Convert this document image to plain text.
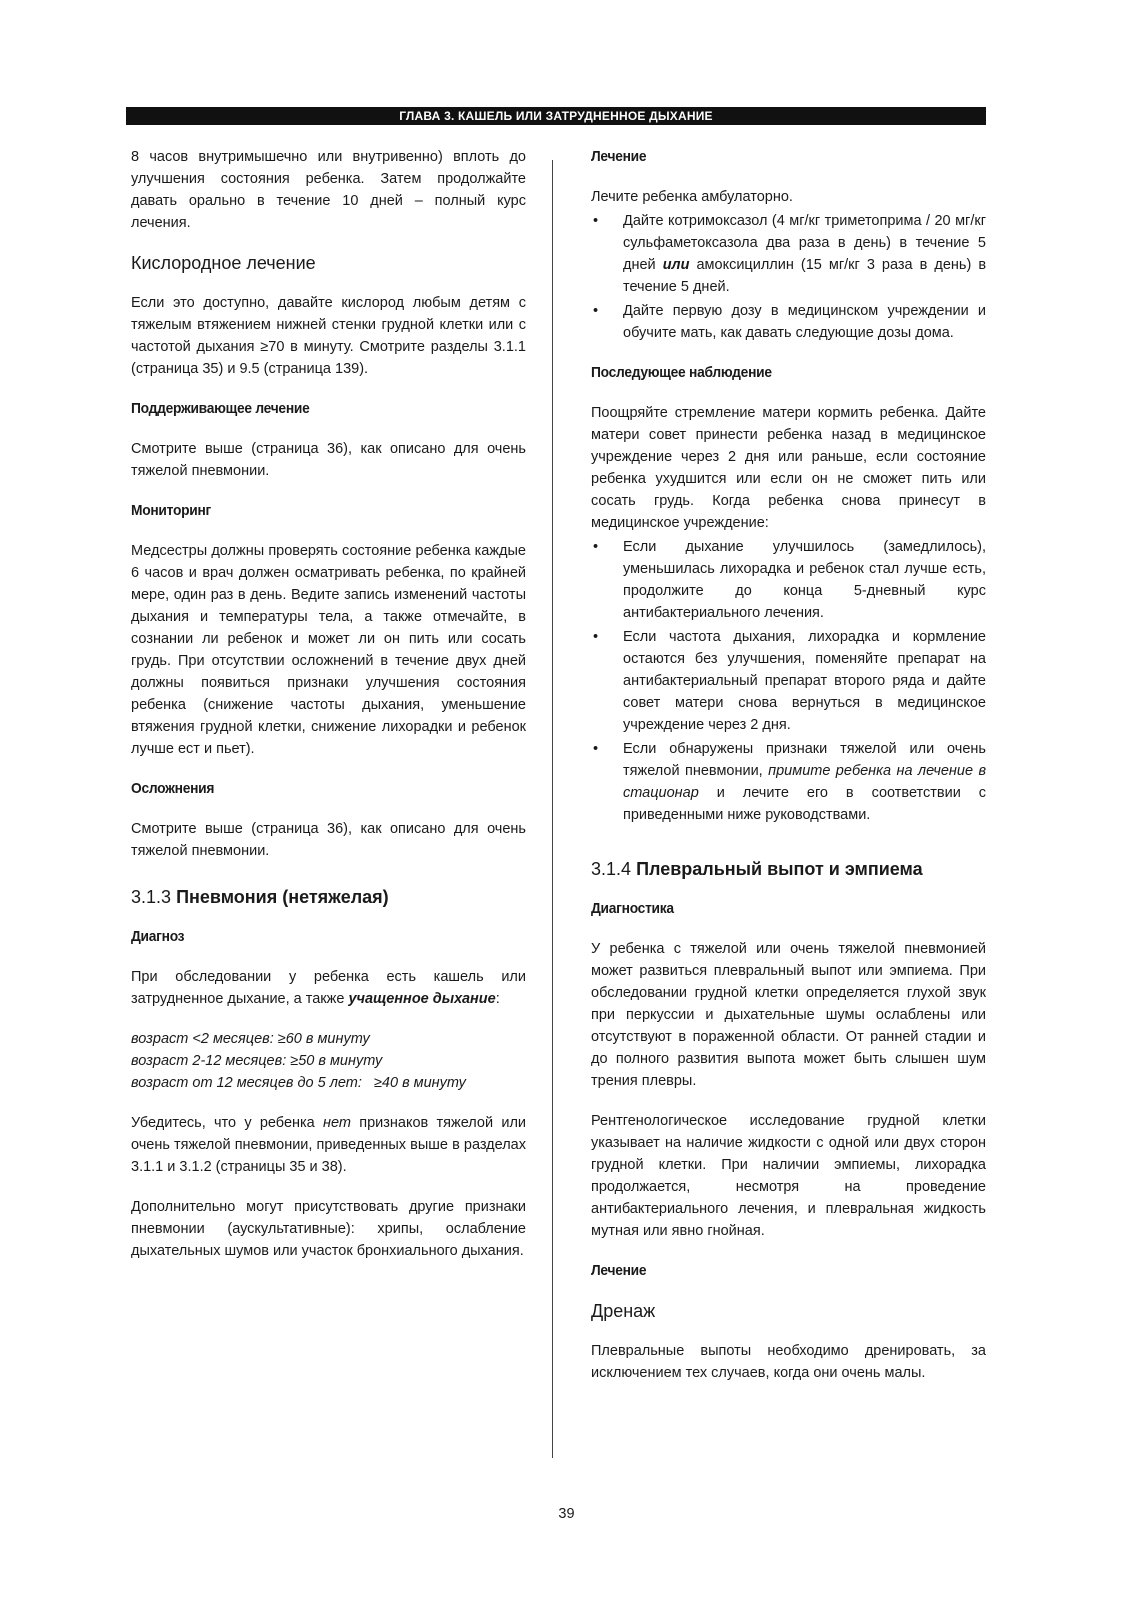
ГЛАВА 3. КАШЕЛЬ ИЛИ ЗАТРУДНЕННОЕ ДЫХАНИЕ

8 часов внутримышечно или внутривенно) вплоть до улучшения состояния ребенка. Затем продолжайте давать орально в течение 10 дней – полный курс лечения.

Кислородное лечение

Если это доступно, давайте кислород любым детям с тяжелым втяжением нижней стенки грудной клетки или с частотой дыхания ≥70 в минуту. Смотрите разделы 3.1.1 (страница 35) и 9.5 (страница 139).

Поддерживающее лечение

Смотрите выше (страница 36), как описано для очень тяжелой пневмонии.

Мониторинг

Медсестры должны проверять состояние ребенка каждые 6 часов и врач должен осматривать ребенка, по крайней мере, один раз в день. Ведите запись изменений частоты дыхания и температуры тела, а также отмечайте, в сознании ли ребенок и может ли он пить или сосать грудь. При отсутствии осложнений в течение двух дней должны появиться признаки улучшения состояния ребенка (снижение частоты дыхания, уменьшение втяжения грудной клетки, снижение лихорадки и ребенок лучше ест и пьет).

Осложнения

Смотрите выше (страница 36), как описано для очень тяжелой пневмонии.

3.1.3 Пневмония (нетяжелая)
Диагноз

При обследовании у ребенка есть кашель или затрудненное дыхание, а также учащенное дыхание:

возраст <2 месяцев: ≥60 в минуту
возраст 2-12 месяцев: ≥50 в минуту
возраст от 12 месяцев до 5 лет:   ≥40 в минуту

Убедитесь, что у ребенка нет признаков тяжелой или очень тяжелой пневмонии, приведенных выше в разделах 3.1.1 и 3.1.2 (страницы 35 и 38).

Дополнительно могут присутствовать другие признаки пневмонии (аускультативные): хрипы, ослабление дыхательных шумов или участок бронхиального дыхания.

Лечение

Лечите ребенка амбулаторно.

• Дайте котримоксазол (4 мг/кг триметоприма / 20 мг/кг сульфаметоксазола два раза в день) в течение 5 дней или амоксициллин (15 мг/кг 3 раза в день) в течение 5 дней.
• Дайте первую дозу в медицинском учреждении и обучите мать, как давать следующие дозы дома.
Последующее наблюдение

Поощряйте стремление матери кормить ребенка. Дайте матери совет принести ребенка назад в медицинское учреждение через 2 дня или раньше, если состояние ребенка ухудшится или если он не сможет пить или сосать грудь. Когда ребенка снова принесут в медицинское учреждение:

• Если дыхание улучшилось (замедлилось), уменьшилась лихорадка и ребенок стал лучше есть, продолжите до конца 5-дневный курс антибактериального лечения.
• Если частота дыхания, лихорадка и кормление остаются без улучшения, поменяйте препарат на антибактериальный препарат второго ряда и дайте совет матери снова вернуться в медицинское учреждение через 2 дня.
• Если обнаружены признаки тяжелой или очень тяжелой пневмонии, примите ребенка на лечение в стационар и лечите его в соответствии с приведенными ниже руководствами.
3.1.4 Плевральный выпот и эмпиема
Диагностика

У ребенка с тяжелой или очень тяжелой пневмонией может развиться плевральный выпот или эмпиема. При обследовании грудной клетки определяется глухой звук при перкуссии и дыхательные шумы ослаблены или отсутствуют в пораженной области. От ранней стадии и до полного развития выпота может быть слышен шум трения плевры.

Рентгенологическое исследование грудной клетки указывает на наличие жидкости с одной или двух сторон грудной клетки. При наличии эмпиемы, лихорадка продолжается, несмотря на проведение антибактериального лечения, и плевральная жидкость мутная или явно гнойная.

Лечение
Дренаж

Плевральные выпоты необходимо дренировать, за исключением тех случаев, когда они очень малы.

39
